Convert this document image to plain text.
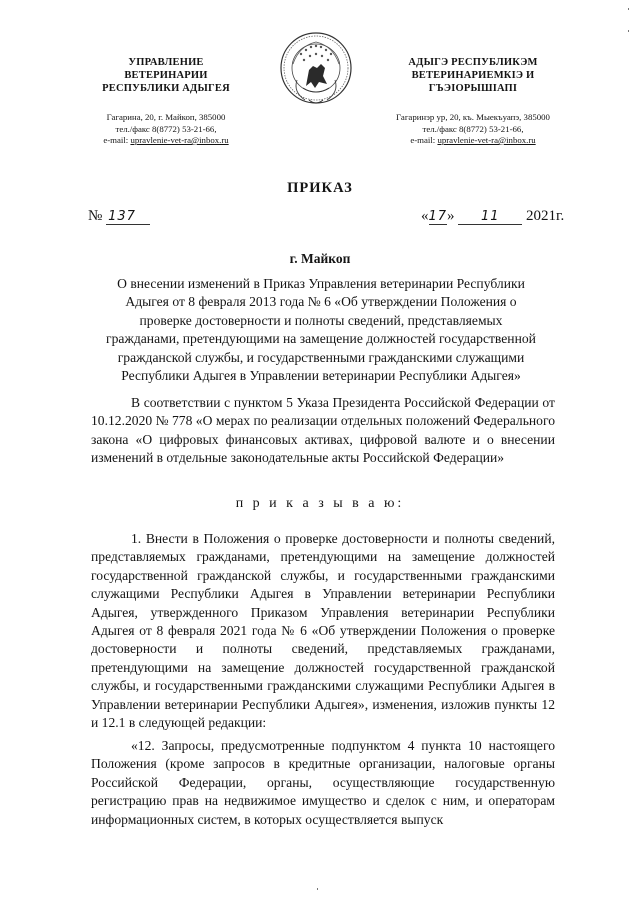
УПРАВЛЕНИЕ
ВЕТЕРИНАРИИ
РЕСПУБЛИКИ АДЫГЕЯ
Гагарина, 20, г. Майкоп, 385000
тел./факс 8(8772) 53-21-66,
e-mail: upravlenie-vet-ra@inbox.ru
АДЫГЭ РЕСПУБЛИКЭМ
ВЕТЕРИНАРИЕМКIЭ И
ГЪЭIОРЫШIАПI
Гагаринэр ур, 20, къ. Мыекъуапэ, 385000
тел./факс 8(8772) 53-21-66,
e-mail: upravlenie-vet-ra@inbox.ru
ПРИКАЗ
№ 137	«17» 11 2021г.
г. Майкоп
О внесении изменений в Приказ Управления ветеринарии Республики
Адыгея от 8 февраля 2013 года № 6 «Об утверждении Положения о
проверке достоверности и полноты сведений, представляемых
гражданами, претендующими на замещение должностей государственной
гражданской службы, и государственными гражданскими служащими
Республики Адыгея в Управлении ветеринарии Республики Адыгея»
В соответствии с пунктом 5 Указа Президента Российской Федерации от 10.12.2020 № 778 «О мерах по реализации отдельных положений Федерального закона «О цифровых финансовых активах, цифровой валюте и о внесении изменений в отдельные законодательные акты Российской Федерации»
п р и к а з ы в а ю:
1. Внести в Положения о проверке достоверности и полноты сведений, представляемых гражданами, претендующими на замещение должностей государственной гражданской службы, и государственными гражданскими служащими Республики Адыгея в Управлении ветеринарии Республики Адыгея, утвержденного Приказом Управления ветеринарии Республики Адыгея от 8 февраля 2021 года № 6 «Об утверждении Положения о проверке достоверности и полноты сведений, представляемых гражданами, претендующими на замещение должностей государственной гражданской службы, и государственными гражданскими служащими Республики Адыгея в Управлении ветеринарии Республики Адыгея», изменения, изложив пункты 12 и 12.1 в следующей редакции:
«12. Запросы, предусмотренные подпунктом 4 пункта 10 настоящего Положения (кроме запросов в кредитные организации, налоговые органы Российской Федерации, органы, осуществляющие государственную регистрацию прав на недвижимое имущество и сделок с ним, и операторам информационных систем, в которых осуществляется выпуск
